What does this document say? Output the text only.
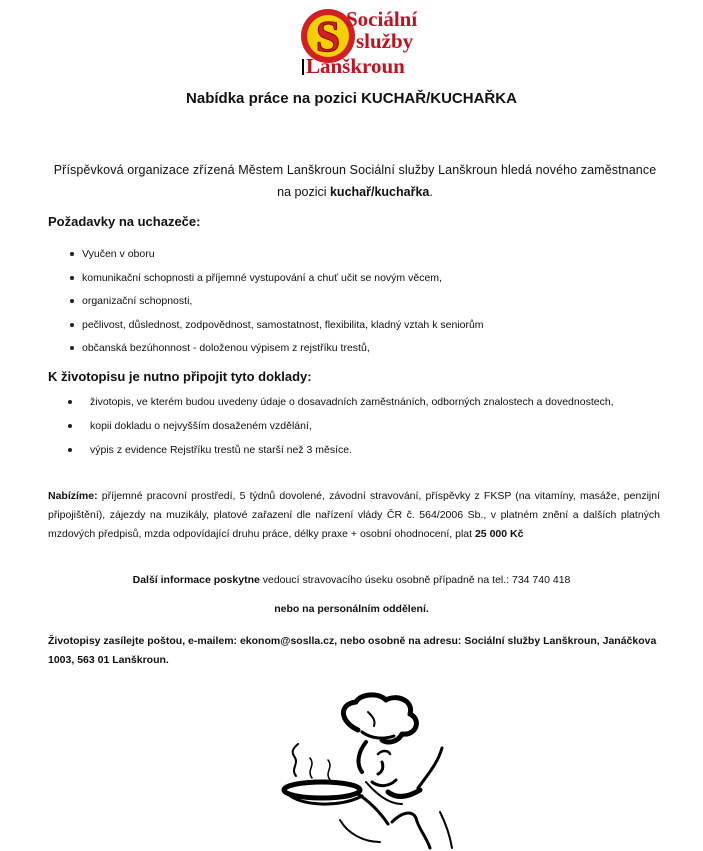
S Sociální
služby
Lanškroun
Nabídka práce na pozici KUCHAŘ/KUCHAŘKA
Příspěvková organizace zřízená Městem Lanškroun Sociální služby Lanškroun hledá nového zaměstnance
na pozici kuchař/kuchařka.
Požadavky na uchazeče:
Vyučen v oboru
komunikační schopnosti a příjemné vystupování a chuť učit se novým věcem,
organizační schopnosti,
pečlivost, důslednost, zodpovědnost, samostatnost, flexibilita, kladný vztah k seniorům
občanská bezúhonnost - doloženou výpisem z rejstříku trestů,
K životopisu je nutno připojit tyto doklady:
životopis, ve kterém budou uvedeny údaje o dosavadních zaměstnáních, odborných znalostech a dovednostech,
kopii dokladu o nejvyšším dosaženém vzdělání,
výpis z evidence Rejstříku trestů ne starší než 3 měsíce.
Nabízíme: příjemné pracovní prostředí, 5 týdnů dovolené, závodní stravování, příspěvky z FKSP (na vitamíny, masáže, penzijní připojištění), zájezdy na muzikály, platové zařazení dle nařízení vlády ČR č. 564/2006 Sb., v platném znění a dalších platných mzdových předpisů, mzda odpovídající druhu práce, délky praxe + osobní ohodnocení, plat 25 000 Kč
Další informace poskytne vedoucí stravovacího úseku osobně případně na tel.: 734 740 418
nebo na personálním oddělení.
Životopisy zasílejte poštou, e-mailem: ekonom@soslla.cz, nebo osobně na adresu: Sociální služby Lanškroun, Janáčkova 1003, 563 01 Lanškroun.
